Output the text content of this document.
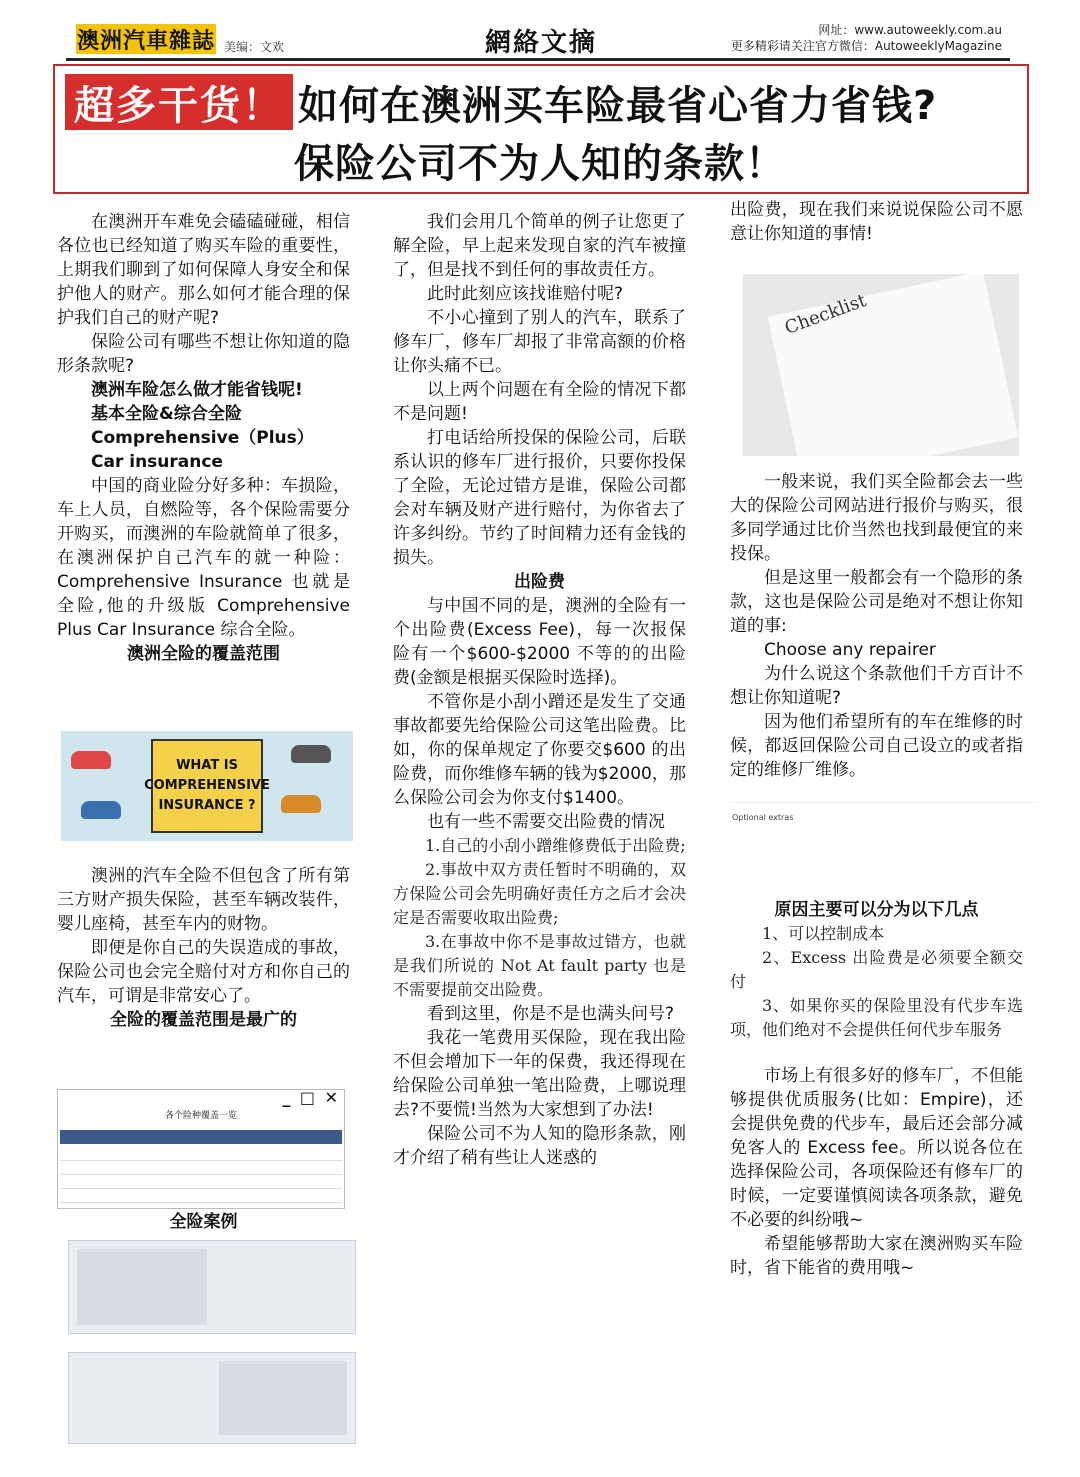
澳洲汽車雜誌 美编：文欢	網絡文摘	网址：www.autoweekly.com.au
更多精彩请关注官方微信：AutoweeklyMagazine
超多干货！ 如何在澳洲买车险最省心省力省钱?
保险公司不为人知的条款！

在澳洲开车难免会磕磕碰碰，相信各位也已经知道了购买车险的重要性，上期我们聊到了如何保障人身安全和保护他人的财产。那么如何才能合理的保护我们自己的财产呢?

保险公司有哪些不想让你知道的隐形条款呢?

澳洲车险怎么做才能省钱呢!

基本全险&综合全险

Comprehensive（Plus）

Car insurance

中国的商业险分好多种：车损险，车上人员，自燃险等，各个保险需要分开购买，而澳洲的车险就简单了很多，在澳洲保护自己汽车的就一种险：Comprehensive Insurance 也就是全险,他的升级版 Comprehensive Plus Car Insurance 综合全险。

澳洲全险的覆盖范围

WHAT IS
COMPREHENSIVE
INSURANCE ?

澳洲的汽车全险不但包含了所有第三方财产损失保险，甚至车辆改装件，婴儿座椅，甚至车内的财物。

即便是你自己的失误造成的事故，保险公司也会完全赔付对方和你自己的汽车，可谓是非常安心了。

全险的覆盖范围是最广的

_ □ ✕
各个险种覆盖一览

全险案例

我们会用几个简单的例子让您更了解全险，早上起来发现自家的汽车被撞了，但是找不到任何的事故责任方。

此时此刻应该找谁赔付呢?

不小心撞到了别人的汽车，联系了修车厂，修车厂却报了非常高额的价格让你头痛不已。

以上两个问题在有全险的情况下都不是问题!

打电话给所投保的保险公司，后联系认识的修车厂进行报价，只要你投保了全险，无论过错方是谁，保险公司都会对车辆及财产进行赔付，为你省去了许多纠纷。节约了时间精力还有金钱的损失。

出险费

与中国不同的是，澳洲的全险有一个出险费(Excess Fee)，每一次报保险有一个$600-$2000 不等的的出险费(金额是根据买保险时选择)。

不管你是小刮小蹭还是发生了交通事故都要先给保险公司这笔出险费。比如，你的保单规定了你要交$600 的出险费，而你维修车辆的钱为$2000，那么保险公司会为你支付$1400。

也有一些不需要交出险费的情况

1.自己的小刮小蹭维修费低于出险费;

2.事故中双方责任暂时不明确的，双方保险公司会先明确好责任方之后才会决定是否需要收取出险费;

3.在事故中你不是事故过错方，也就是我们所说的 Not At fault party 也是不需要提前交出险费。

看到这里，你是不是也满头问号?

我花一笔费用买保险，现在我出险不但会增加下一年的保费，我还得现在给保险公司单独一笔出险费，上哪说理去?不要慌!当然为大家想到了办法!

保险公司不为人知的隐形条款，刚才介绍了稍有些让人迷惑的

出险费，现在我们来说说保险公司不愿意让你知道的事情!

Checklist

一般来说，我们买全险都会去一些大的保险公司网站进行报价与购买，很多同学通过比价当然也找到最便宜的来投保。

但是这里一般都会有一个隐形的条款，这也是保险公司是绝对不想让你知道的事:

Choose any repairer

为什么说这个条款他们千方百计不想让你知道呢?

因为他们希望所有的车在维修的时候，都返回保险公司自己设立的或者指定的维修厂维修。

Optional extras

原因主要可以分为以下几点

1、可以控制成本

2、Excess 出险费是必须要全额交付

3、如果你买的保险里没有代步车选项，他们绝对不会提供任何代步车服务

市场上有很多好的修车厂，不但能够提供优质服务(比如：Empire)，还会提供免费的代步车，最后还会部分减免客人的 Excess fee。所以说各位在选择保险公司，各项保险还有修车厂的时候，一定要谨慎阅读各项条款，避免不必要的纠纷哦~

希望能够帮助大家在澳洲购买车险时，省下能省的费用哦~
